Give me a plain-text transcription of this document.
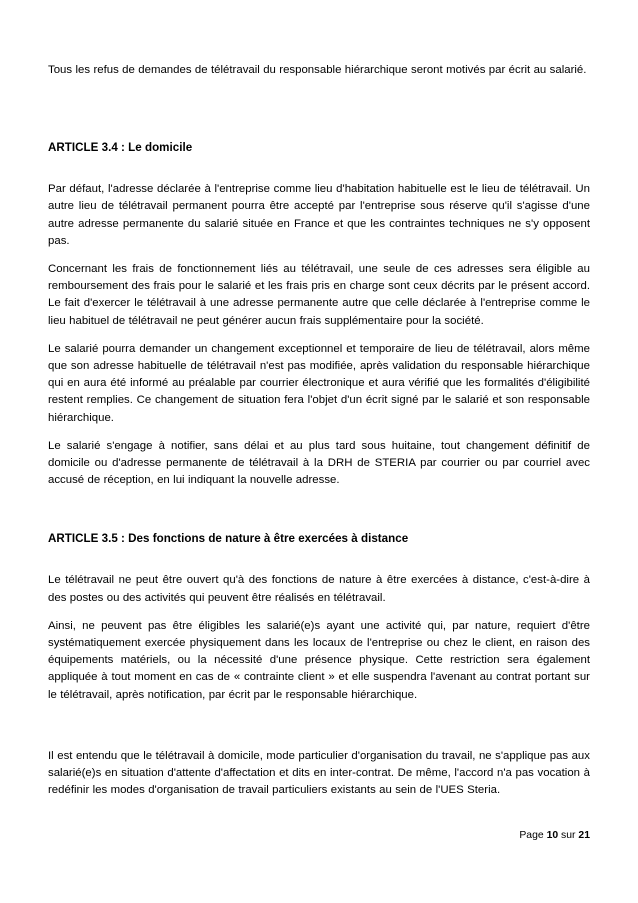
Tous les refus de demandes de télétravail du responsable hiérarchique seront motivés par écrit au salarié.

ARTICLE 3.4 : Le domicile

Par défaut, l'adresse déclarée à l'entreprise comme lieu d'habitation habituelle est le lieu de télétravail. Un autre lieu de télétravail permanent pourra être accepté par l'entreprise sous réserve qu'il s'agisse d'une autre adresse permanente du salarié située en France et que les contraintes techniques ne s'y opposent pas.

Concernant les frais de fonctionnement liés au télétravail, une seule de ces adresses sera éligible au remboursement des frais pour le salarié et les frais pris en charge sont ceux décrits par le présent accord. Le fait d'exercer le télétravail à une adresse permanente autre que celle déclarée à l'entreprise comme le lieu habituel de télétravail ne peut générer aucun frais supplémentaire pour la société.

Le salarié pourra demander un changement exceptionnel et temporaire de lieu de télétravail, alors même que son adresse habituelle de télétravail n'est pas modifiée, après validation du responsable hiérarchique qui en aura été informé au préalable par courrier électronique et aura vérifié que les formalités d'éligibilité restent remplies. Ce changement de situation fera l'objet d'un écrit signé par le salarié et son responsable hiérarchique.

Le salarié s'engage à notifier, sans délai et au plus tard sous huitaine, tout changement définitif de domicile ou d'adresse permanente de télétravail à la DRH de STERIA par courrier ou par courriel avec accusé de réception, en lui indiquant la nouvelle adresse.

ARTICLE 3.5 : Des fonctions de nature à être exercées à distance

Le télétravail ne peut être ouvert qu'à des fonctions de nature à être exercées à distance, c'est-à-dire à des postes ou des activités qui peuvent être réalisés en télétravail.

Ainsi, ne peuvent pas être éligibles les salarié(e)s ayant une activité qui, par nature, requiert d'être systématiquement exercée physiquement dans les locaux de l'entreprise ou chez le client, en raison des équipements matériels, ou la nécessité d'une présence physique. Cette restriction sera également appliquée à tout moment en cas de « contrainte client » et elle suspendra l'avenant au contrat portant sur le télétravail, après notification, par écrit par le responsable hiérarchique.

Il est entendu que le télétravail à domicile, mode particulier d'organisation du travail, ne s'applique pas aux salarié(e)s en situation d'attente d'affectation et dits en inter-contrat. De même, l'accord n'a pas vocation à redéfinir les modes d'organisation de travail particuliers existants au sein de l'UES Steria.

Page 10 sur 21
